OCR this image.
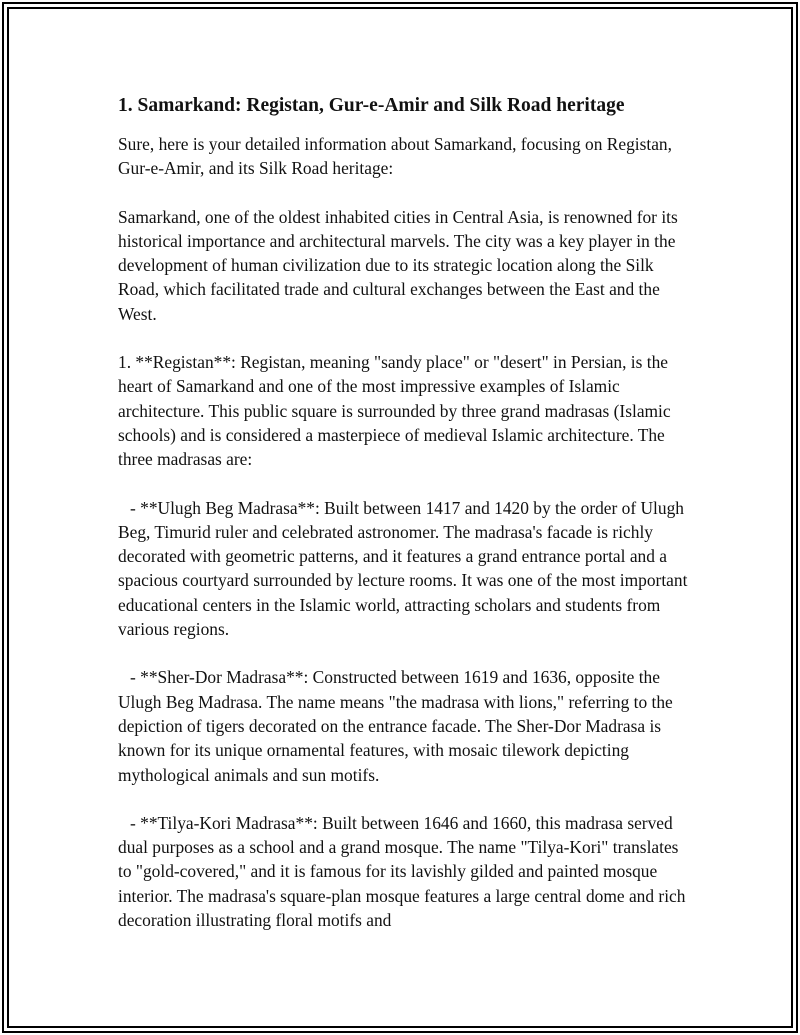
1. Samarkand: Registan, Gur-e-Amir and Silk Road heritage

Sure, here is your detailed information about Samarkand, focusing on Registan, Gur-e-Amir, and its Silk Road heritage:

Samarkand, one of the oldest inhabited cities in Central Asia, is renowned for its historical importance and architectural marvels. The city was a key player in the development of human civilization due to its strategic location along the Silk Road, which facilitated trade and cultural exchanges between the East and the West.

1. **Registan**: Registan, meaning "sandy place" or "desert" in Persian, is the heart of Samarkand and one of the most impressive examples of Islamic architecture. This public square is surrounded by three grand madrasas (Islamic schools) and is considered a masterpiece of medieval Islamic architecture. The three madrasas are:

- **Ulugh Beg Madrasa**: Built between 1417 and 1420 by the order of Ulugh Beg, Timurid ruler and celebrated astronomer. The madrasa's facade is richly decorated with geometric patterns, and it features a grand entrance portal and a spacious courtyard surrounded by lecture rooms. It was one of the most important educational centers in the Islamic world, attracting scholars and students from various regions.

- **Sher-Dor Madrasa**: Constructed between 1619 and 1636, opposite the Ulugh Beg Madrasa. The name means "the madrasa with lions," referring to the depiction of tigers decorated on the entrance facade. The Sher-Dor Madrasa is known for its unique ornamental features, with mosaic tilework depicting mythological animals and sun motifs.

- **Tilya-Kori Madrasa**: Built between 1646 and 1660, this madrasa served dual purposes as a school and a grand mosque. The name "Tilya-Kori" translates to "gold-covered," and it is famous for its lavishly gilded and painted mosque interior. The madrasa's square-plan mosque features a large central dome and rich decoration illustrating floral motifs and
